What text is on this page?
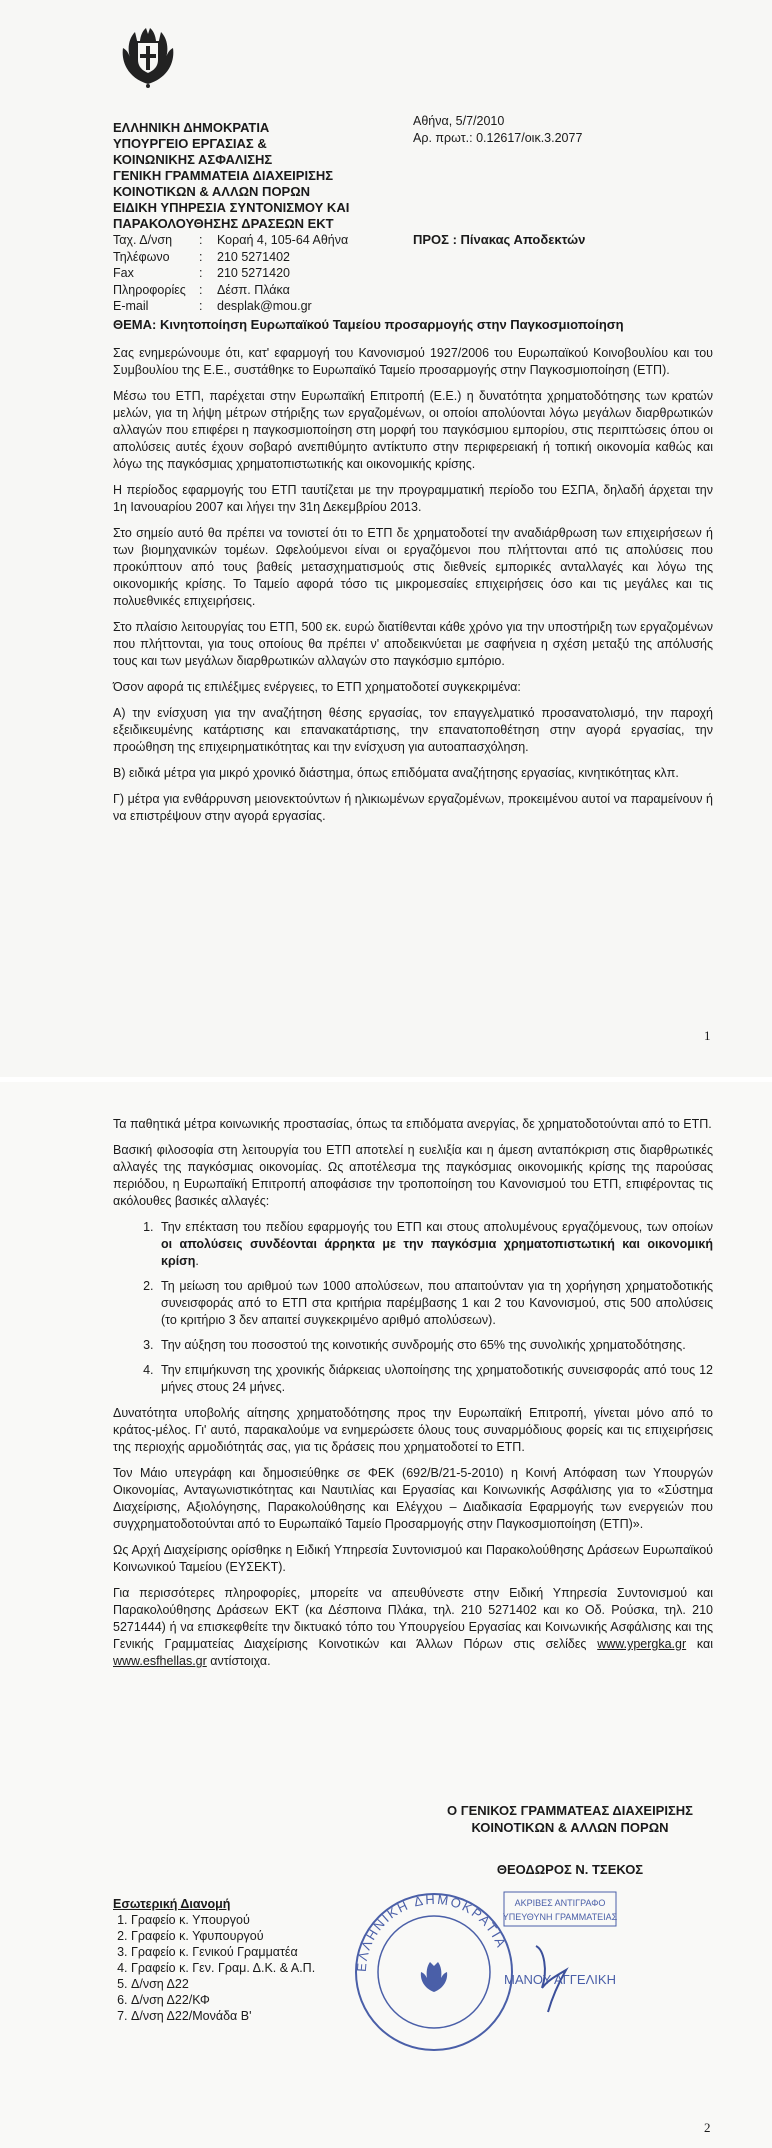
ΕΛΛΗΝΙΚΗ ΔΗΜΟΚΡΑΤΙΑ
ΥΠΟΥΡΓΕΙΟ ΕΡΓΑΣΙΑΣ &
ΚΟΙΝΩΝΙΚΗΣ ΑΣΦΑΛΙΣΗΣ
ΓΕΝΙΚΗ ΓΡΑΜΜΑΤΕΙΑ ΔΙΑΧΕΙΡΙΣΗΣ
ΚΟΙΝΟΤΙΚΩΝ & ΑΛΛΩΝ ΠΟΡΩΝ
ΕΙΔΙΚΗ ΥΠΗΡΕΣΙΑ ΣΥΝΤΟΝΙΣΜΟΥ ΚΑΙ
ΠΑΡΑΚΟΛΟΥΘΗΣΗΣ ΔΡΑΣΕΩΝ ΕΚΤ
Αθήνα, 5/7/2010
Αρ. πρωτ.: 0.12617/οικ.3.2077
Ταχ. Δ/νση	:	Κοραή 4, 105-64 Αθήνα
Τηλέφωνο	:	210 5271402
Fax	:	210 5271420
Πληροφορίες	:	Δέσπ. Πλάκα
E-mail	:	desplak@mou.gr
ΠΡΟΣ : Πίνακας Αποδεκτών
ΘΕΜΑ: Κινητοποίηση Ευρωπαϊκού Ταμείου προσαρμογής στην Παγκοσμιοποίηση

Σας ενημερώνουμε ότι, κατ' εφαρμογή του Κανονισμού 1927/2006 του Ευρωπαϊκού Κοινοβουλίου και του Συμβουλίου της Ε.Ε., συστάθηκε το Ευρωπαϊκό Ταμείο προσαρμογής στην Παγκοσμιοποίηση (ΕΤΠ).

Μέσω του ΕΤΠ, παρέχεται στην Ευρωπαϊκή Επιτροπή (Ε.Ε.) η δυνατότητα χρηματοδότησης των κρατών μελών, για τη λήψη μέτρων στήριξης των εργαζομένων, οι οποίοι απολύονται λόγω μεγάλων διαρθρωτικών αλλαγών που επιφέρει η παγκοσμιοποίηση στη μορφή του παγκόσμιου εμπορίου, στις περιπτώσεις όπου οι απολύσεις αυτές έχουν σοβαρό ανεπιθύμητο αντίκτυπο στην περιφερειακή ή τοπική οικονομία καθώς και λόγω της παγκόσμιας χρηματοπιστωτικής και οικονομικής κρίσης.

Η περίοδος εφαρμογής του ΕΤΠ ταυτίζεται με την προγραμματική περίοδο του ΕΣΠΑ, δηλαδή άρχεται την 1η Ιανουαρίου 2007 και λήγει την 31η Δεκεμβρίου 2013.

Στο σημείο αυτό θα πρέπει να τονιστεί ότι το ΕΤΠ δε χρηματοδοτεί την αναδιάρθρωση των επιχειρήσεων ή των βιομηχανικών τομέων. Ωφελούμενοι είναι οι εργαζόμενοι που πλήττονται από τις απολύσεις που προκύπτουν από τους βαθείς μετασχηματισμούς στις διεθνείς εμπορικές ανταλλαγές και λόγω της οικονομικής κρίσης. Το Ταμείο αφορά τόσο τις μικρομεσαίες επιχειρήσεις όσο και τις μεγάλες και τις πολυεθνικές επιχειρήσεις.

Στο πλαίσιο λειτουργίας του ΕΤΠ, 500 εκ. ευρώ διατίθενται κάθε χρόνο για την υποστήριξη των εργαζομένων που πλήττονται, για τους οποίους θα πρέπει ν' αποδεικνύεται με σαφήνεια η σχέση μεταξύ της απόλυσής τους και των μεγάλων διαρθρωτικών αλλαγών στο παγκόσμιο εμπόριο.

Όσον αφορά τις επιλέξιμες ενέργειες, το ΕΤΠ χρηματοδοτεί συγκεκριμένα:

Α) την ενίσχυση για την αναζήτηση θέσης εργασίας, τον επαγγελματικό προσανατολισμό, την παροχή εξειδικευμένης κατάρτισης και επανακατάρτισης, την επανατοποθέτηση στην αγορά εργασίας, την προώθηση της επιχειρηματικότητας και την ενίσχυση για αυτοαπασχόληση.

Β) ειδικά μέτρα για μικρό χρονικό διάστημα, όπως επιδόματα αναζήτησης εργασίας, κινητικότητας κλπ.

Γ) μέτρα για ενθάρρυνση μειονεκτούντων ή ηλικιωμένων εργαζομένων, προκειμένου αυτοί να παραμείνουν ή να επιστρέψουν στην αγορά εργασίας.

1

Τα παθητικά μέτρα κοινωνικής προστασίας, όπως τα επιδόματα ανεργίας, δε χρηματοδοτούνται από το ΕΤΠ.

Βασική φιλοσοφία στη λειτουργία του ΕΤΠ αποτελεί η ευελιξία και η άμεση ανταπόκριση στις διαρθρωτικές αλλαγές της παγκόσμιας οικονομίας. Ως αποτέλεσμα της παγκόσμιας οικονομικής κρίσης της παρούσας περιόδου, η Ευρωπαϊκή Επιτροπή αποφάσισε την τροποποίηση του Κανονισμού του ΕΤΠ, επιφέροντας τις ακόλουθες βασικές αλλαγές:

1. Την επέκταση του πεδίου εφαρμογής του ΕΤΠ και στους απολυμένους εργαζόμενους, των οποίων οι απολύσεις συνδέονται άρρηκτα με την παγκόσμια χρηματοπιστωτική και οικονομική κρίση.
2. Τη μείωση του αριθμού των 1000 απολύσεων, που απαιτούνταν για τη χορήγηση χρηματοδοτικής συνεισφοράς από το ΕΤΠ στα κριτήρια παρέμβασης 1 και 2 του Κανονισμού, στις 500 απολύσεις (το κριτήριο 3 δεν απαιτεί συγκεκριμένο αριθμό απολύσεων).
3. Την αύξηση του ποσοστού της κοινοτικής συνδρομής στο 65% της συνολικής χρηματοδότησης.
4. Την επιμήκυνση της χρονικής διάρκειας υλοποίησης της χρηματοδοτικής συνεισφοράς από τους 12 μήνες στους 24 μήνες.

Δυνατότητα υποβολής αίτησης χρηματοδότησης προς την Ευρωπαϊκή Επιτροπή, γίνεται μόνο από το κράτος-μέλος. Γι' αυτό, παρακαλούμε να ενημερώσετε όλους τους συναρμόδιους φορείς και τις επιχειρήσεις της περιοχής αρμοδιότητάς σας, για τις δράσεις που χρηματοδοτεί το ΕΤΠ.

Τον Μάιο υπεγράφη και δημοσιεύθηκε σε ΦΕΚ (692/Β/21-5-2010) η Κοινή Απόφαση των Υπουργών Οικονομίας, Ανταγωνιστικότητας και Ναυτιλίας και Εργασίας και Κοινωνικής Ασφάλισης για το «Σύστημα Διαχείρισης, Αξιολόγησης, Παρακολούθησης και Ελέγχου – Διαδικασία Εφαρμογής των ενεργειών που συγχρηματοδοτούνται από το Ευρωπαϊκό Ταμείο Προσαρμογής στην Παγκοσμιοποίηση (ΕΤΠ)».

Ως Αρχή Διαχείρισης ορίσθηκε η Ειδική Υπηρεσία Συντονισμού και Παρακολούθησης Δράσεων Ευρωπαϊκού Κοινωνικού Ταμείου (ΕΥΣΕΚΤ).

Για περισσότερες πληροφορίες, μπορείτε να απευθύνεστε στην Ειδική Υπηρεσία Συντονισμού και Παρακολούθησης Δράσεων ΕΚΤ (κα Δέσποινα Πλάκα, τηλ. 210 5271402 και κο Οδ. Ρούσκα, τηλ. 210 5271444) ή να επισκεφθείτε την δικτυακό τόπο του Υπουργείου Εργασίας και Κοινωνικής Ασφάλισης και της Γενικής Γραμματείας Διαχείρισης Κοινοτικών και Άλλων Πόρων στις σελίδες www.ypergka.gr και www.esfhellas.gr αντίστοιχα.

Ο ΓΕΝΙΚΟΣ ΓΡΑΜΜΑΤΕΑΣ ΔΙΑΧΕΙΡΙΣΗΣ
ΚΟΙΝΟΤΙΚΩΝ & ΑΛΛΩΝ ΠΟΡΩΝ
ΘΕΟΔΩΡΟΣ Ν. ΤΣΕΚΟΣ
ΕΛΛΗΝΙΚΗ ΔΗΜΟΚΡΑΤΙΑ
ΑΚΡΙΒΕΣ ΑΝΤΙΓΡΑΦΟ
ΥΠΕΥΘΥΝΗ ΓΡΑΜΜΑΤΕΙΑΣ
ΜΑΝΟΥ ΑΓΓΕΛΙΚΗ
Εσωτερική Διανομή
1. Γραφείο κ. Υπουργού
2. Γραφείο κ. Υφυπουργού
3. Γραφείο κ. Γενικού Γραμματέα
4. Γραφείο κ. Γεν. Γραμ. Δ.Κ. & Α.Π.
5. Δ/νση Δ22
6. Δ/νση Δ22/ΚΦ
7. Δ/νση Δ22/Μονάδα Β'
2
